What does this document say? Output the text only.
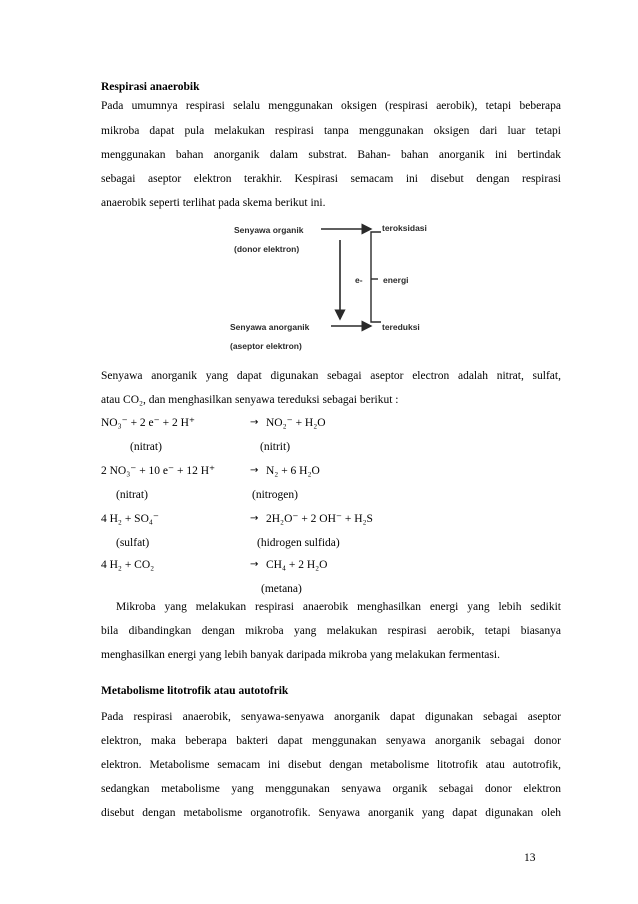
Respirasi anaerobik
Pada umumnya respirasi selalu menggunakan oksigen (respirasi aerobik), tetapi beberapa
mikroba dapat pula melakukan respirasi tanpa menggunakan oksigen dari luar tetapi
menggunakan bahan anorganik dalam substrat. Bahan- bahan anorganik ini bertindak
sebagai aseptor elektron terakhir. Kespirasi semacam ini disebut dengan respirasi
anaerobik seperti terlihat pada skema berikut ini.
Senyawa organik
(donor elektron)
teroksidasi
e- energi
Senyawa anorganik
(aseptor elektron)
tereduksi
Senyawa anorganik yang dapat digunakan sebagai aseptor electron adalah nitrat, sulfat,
atau CO₂, dan menghasilkan senyawa tereduksi sebagai berikut :
NO₃⁻ + 2 e⁻ + 2 H⁺	→ NO₂⁻ + H₂O
(nitrat)	(nitrit)
2 NO₃⁻ + 10 e⁻ + 12 H⁺	→ N₂ + 6 H₂O
(nitrat)	(nitrogen)
4 H₂ + SO₄⁻	→ 2H₂O⁻ + 2 OH⁻ + H₂S
(sulfat)	(hidrogen sulfida)
4 H₂ + CO₂	→ CH₄ + 2 H₂O
(metana)
Mikroba yang melakukan respirasi anaerobik menghasilkan energi yang lebih sedikit
bila dibandingkan dengan mikroba yang melakukan respirasi aerobik, tetapi biasanya
menghasilkan energi yang lebih banyak daripada mikroba yang melakukan fermentasi.
Metabolisme litotrofik atau autotofrik
Pada respirasi anaerobik, senyawa-senyawa anorganik dapat digunakan sebagai aseptor
elektron, maka beberapa bakteri dapat menggunakan senyawa anorganik sebagai donor
elektron. Metabolisme semacam ini disebut dengan metabolisme litotrofik atau autotrofik,
sedangkan metabolisme yang menggunakan senyawa organik sebagai donor elektron
disebut dengan metabolisme organotrofik. Senyawa anorganik yang dapat digunakan oleh
13
